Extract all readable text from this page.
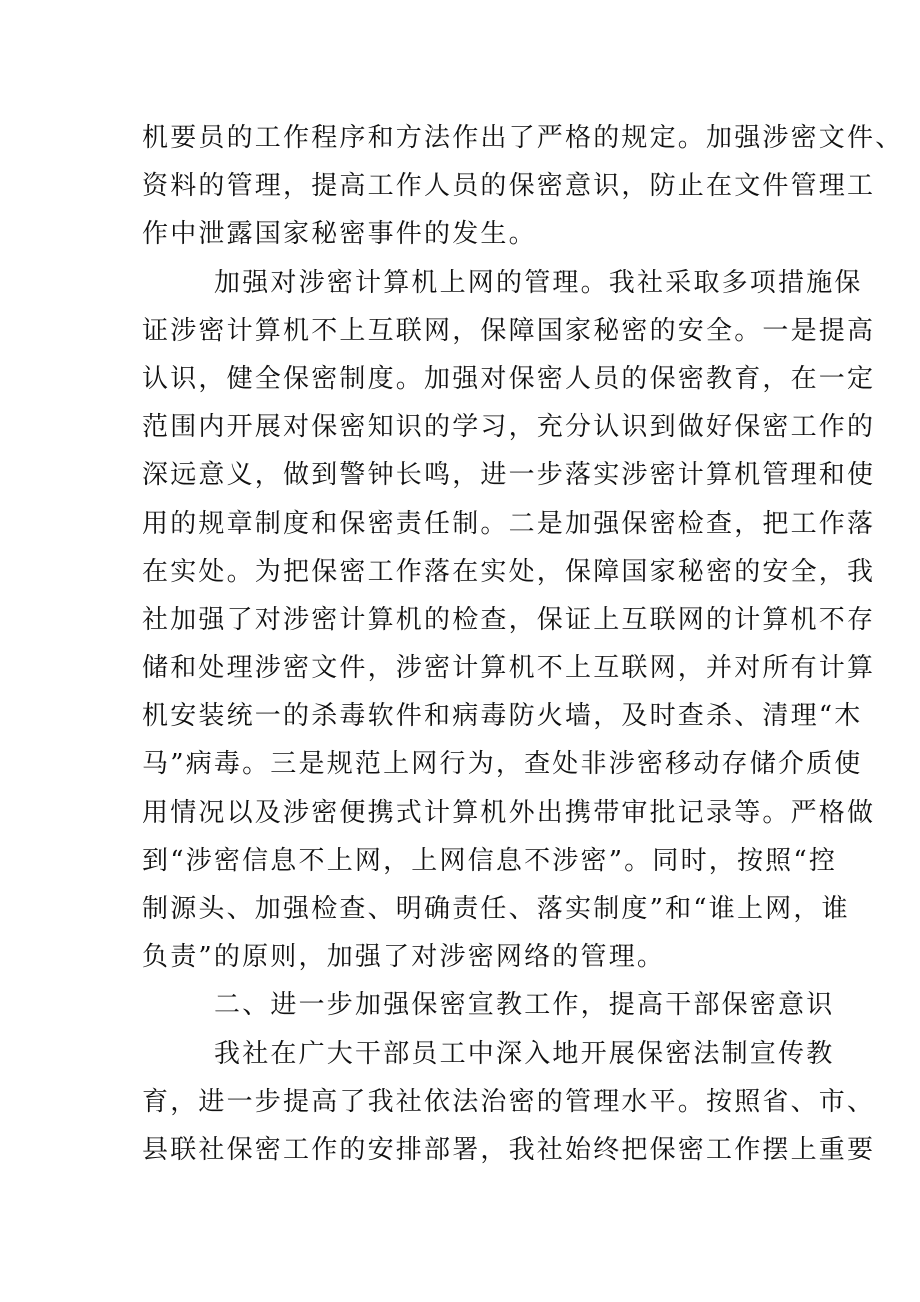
机要员的工作程序和方法作出了严格的规定。加强涉密文件、
资料的管理，提高工作人员的保密意识，防止在文件管理工
作中泄露国家秘密事件的发生。
加强对涉密计算机上网的管理。我社采取多项措施保
证涉密计算机不上互联网，保障国家秘密的安全。一是提高
认识，健全保密制度。加强对保密人员的保密教育，在一定
范围内开展对保密知识的学习，充分认识到做好保密工作的
深远意义，做到警钟长鸣，进一步落实涉密计算机管理和使
用的规章制度和保密责任制。二是加强保密检查，把工作落
在实处。为把保密工作落在实处，保障国家秘密的安全，我
社加强了对涉密计算机的检查，保证上互联网的计算机不存
储和处理涉密文件，涉密计算机不上互联网，并对所有计算
机安装统一的杀毒软件和病毒防火墙，及时查杀、清理“木
马”病毒。三是规范上网行为，查处非涉密移动存储介质使
用情况以及涉密便携式计算机外出携带审批记录等。严格做
到“涉密信息不上网，上网信息不涉密”。同时，按照“控
制源头、加强检查、明确责任、落实制度”和“谁上网，谁
负责”的原则，加强了对涉密网络的管理。
二、进一步加强保密宣教工作，提高干部保密意识
我社在广大干部员工中深入地开展保密法制宣传教
育，进一步提高了我社依法治密的管理水平。按照省、市、
县联社保密工作的安排部署，我社始终把保密工作摆上重要
